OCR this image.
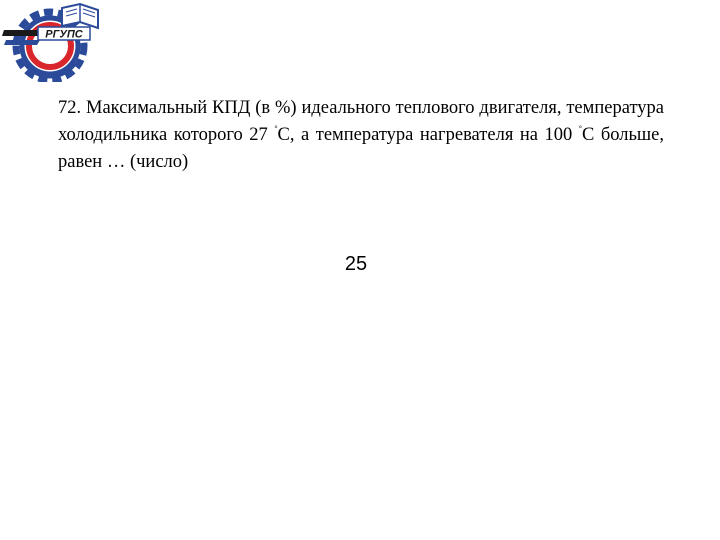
РГУПС

72. Максимальный КПД (в %) идеального теплового двигателя, температура холодильника которого 27 °С, а температура нагревателя на 100 °С больше, равен … (число)

25
